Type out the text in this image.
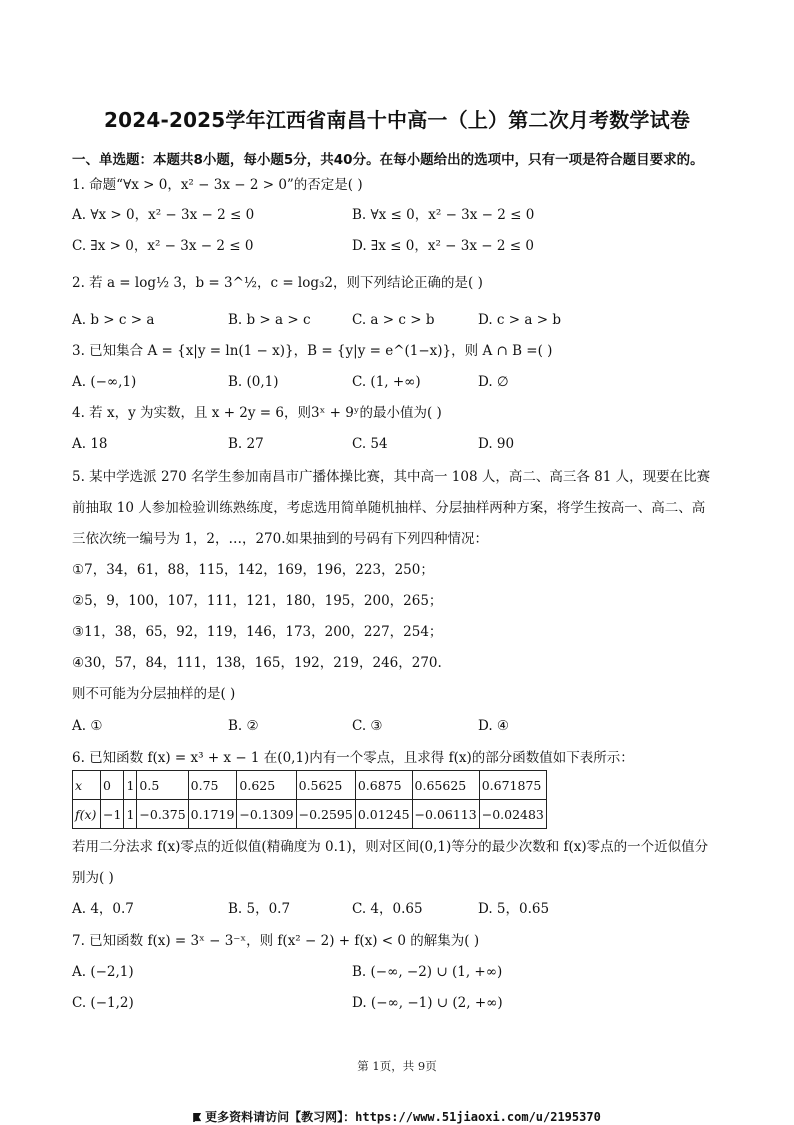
2024-2025学年江西省南昌十中高一（上）第二次月考数学试卷
一、单选题：本题共8小题，每小题5分，共40分。在每小题给出的选项中，只有一项是符合题目要求的。
1. 命题“∀x > 0，x² − 3x − 2 > 0”的否定是( )
A. ∀x > 0，x² − 3x − 2 ≤ 0	B. ∀x ≤ 0，x² − 3x − 2 ≤ 0
C. ∃x > 0，x² − 3x − 2 ≤ 0	D. ∃x ≤ 0，x² − 3x − 2 ≤ 0
2. 若 a = log½ 3，b = 3^½，c = log₃2，则下列结论正确的是( )
A. b > c > a	B. b > a > c	C. a > c > b	D. c > a > b
3. 已知集合 A = {x|y = ln(1 − x)}，B = {y|y = e^(1−x)}，则 A ∩ B =( )
A. (−∞,1)	B. (0,1)	C. (1, +∞)	D. ∅
4. 若 x，y 为实数，且 x + 2y = 6，则3ˣ + 9ʸ的最小值为( )
A. 18	B. 27	C. 54	D. 90
5. 某中学选派 270 名学生参加南昌市广播体操比赛，其中高一 108 人，高二、高三各 81 人，现要在比赛
前抽取 10 人参加检验训练熟练度，考虑选用简单随机抽样、分层抽样两种方案，将学生按高一、高二、高
三依次统一编号为 1，2，…，270.如果抽到的号码有下列四种情况：
①7，34，61，88，115，142，169，196，223，250；
②5，9，100，107，111，121，180，195，200，265；
③11，38，65，92，119，146，173，200，227，254；
④30，57，84，111，138，165，192，219，246，270.
则不可能为分层抽样的是( )
A. ①	B. ②	C. ③	D. ④
6. 已知函数 f(x) = x³ + x − 1 在(0,1)内有一个零点，且求得 f(x)的部分函数值如下表所示：
x	0	1	0.5	0.75	0.625	0.5625	0.6875	0.65625	0.671875
f(x)	−1	1	−0.375	0.1719	−0.1309	−0.2595	0.01245	−0.06113	−0.02483
若用二分法求 f(x)零点的近似值(精确度为 0.1)，则对区间(0,1)等分的最少次数和 f(x)零点的一个近似值分
别为( )
A. 4，0.7	B. 5，0.7	C. 4，0.65	D. 5，0.65
7. 已知函数 f(x) = 3ˣ − 3⁻ˣ，则 f(x² − 2) + f(x) < 0 的解集为( )
A. (−2,1)	B. (−∞, −2) ∪ (1, +∞)
C. (−1,2)	D. (−∞, −1) ∪ (2, +∞)
第 1页，共 9页
更多资料请访问【教习网】：https://www.51jiaoxi.com/u/2195370
